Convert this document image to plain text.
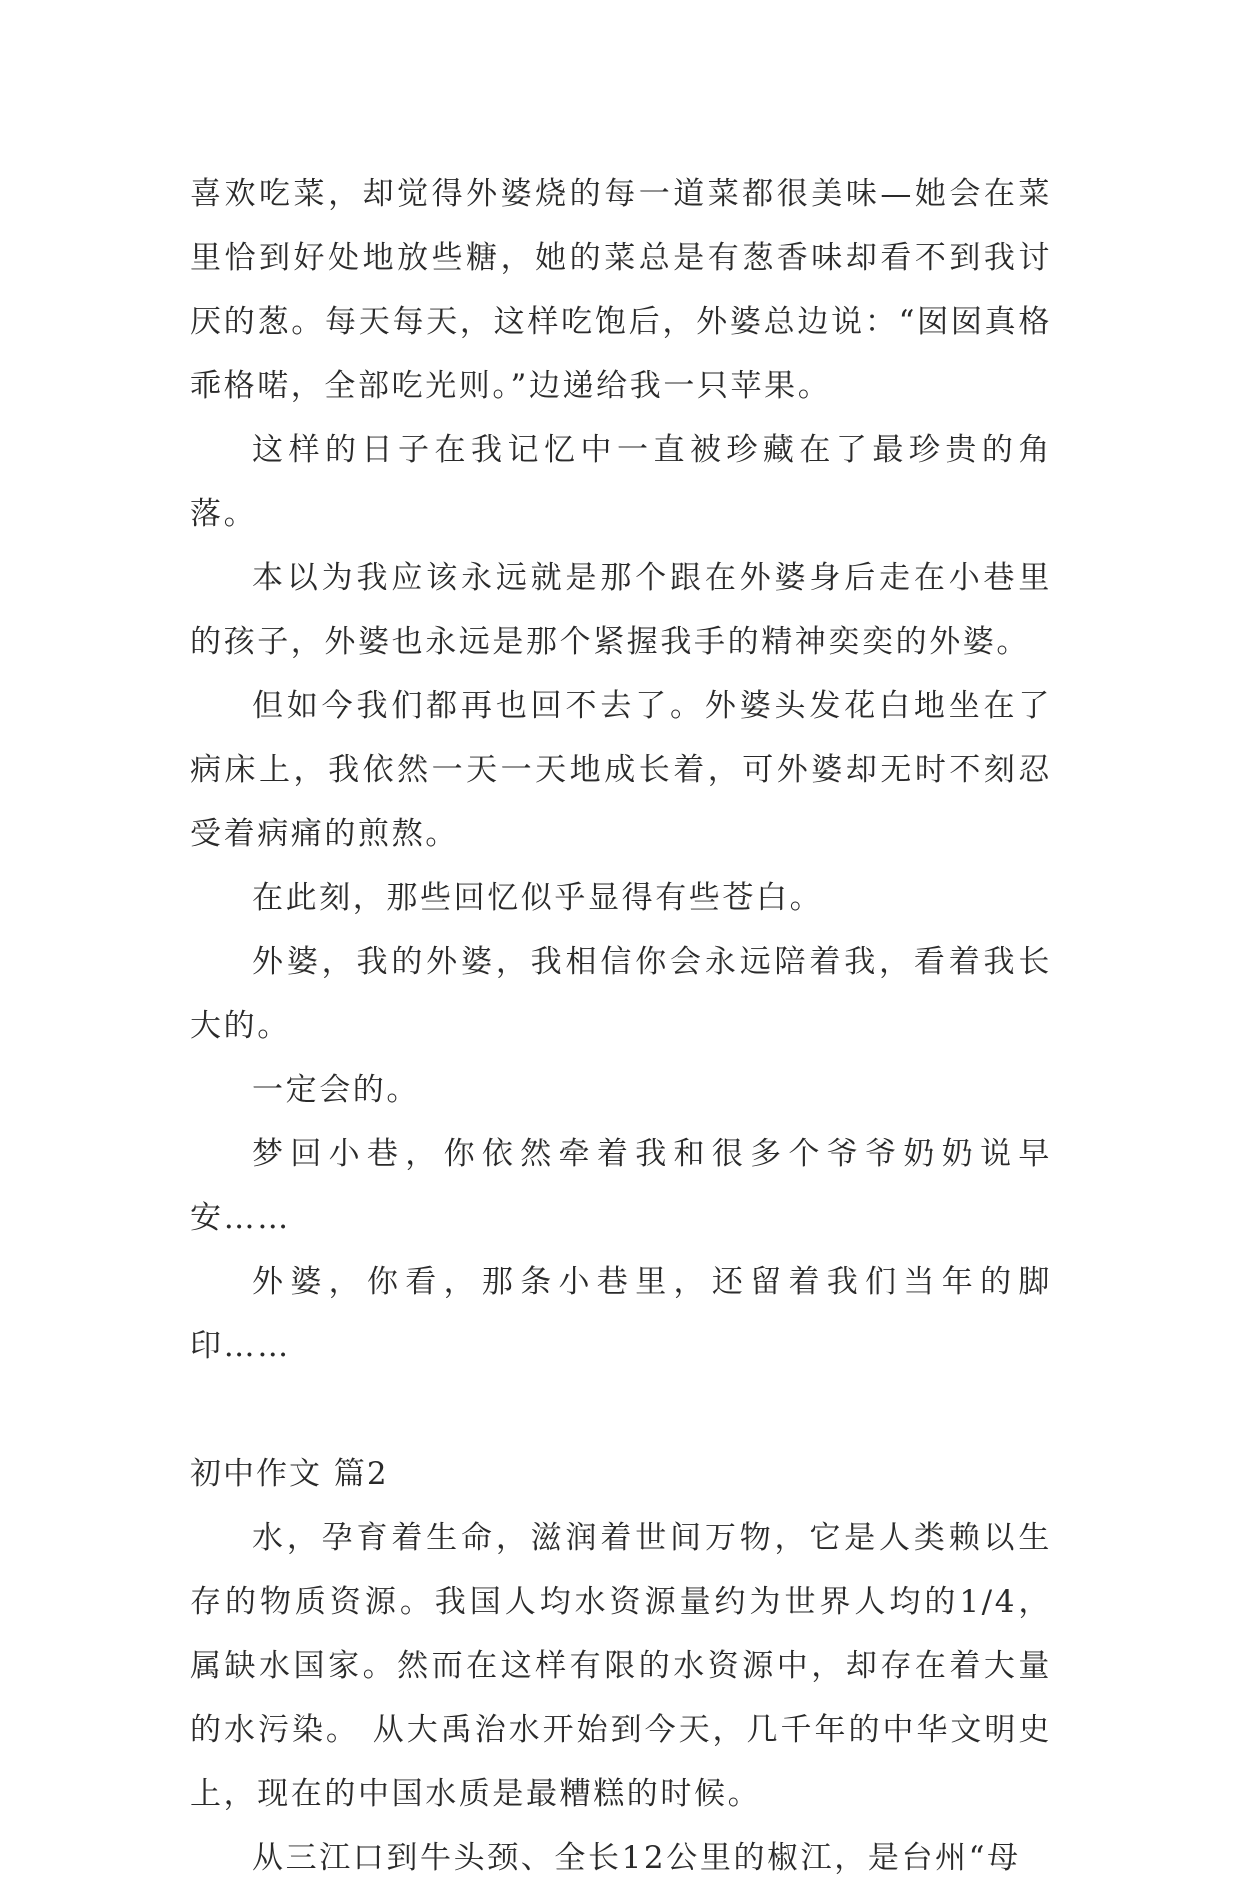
喜欢吃菜，却觉得外婆烧的每一道菜都很美味—她会在菜里恰到好处地放些糖，她的菜总是有葱香味却看不到我讨厌的葱。每天每天，这样吃饱后，外婆总边说：“囡囡真格乖格喏，全部吃光则。”边递给我一只苹果。

这样的日子在我记忆中一直被珍藏在了最珍贵的角落。

本以为我应该永远就是那个跟在外婆身后走在小巷里的孩子，外婆也永远是那个紧握我手的精神奕奕的外婆。

但如今我们都再也回不去了。外婆头发花白地坐在了病床上，我依然一天一天地成长着，可外婆却无时不刻忍受着病痛的煎熬。

在此刻，那些回忆似乎显得有些苍白。

外婆，我的外婆，我相信你会永远陪着我，看着我长大的。

一定会的。

梦回小巷，你依然牵着我和很多个爷爷奶奶说早安……

外婆，你看，那条小巷里，还留着我们当年的脚印……

初中作文 篇2

水，孕育着生命，滋润着世间万物，它是人类赖以生存的物质资源。我国人均水资源量约为世界人均的1/4，属缺水国家。然而在这样有限的水资源中，却存在着大量的水污染。 从大禹治水开始到今天，几千年的中华文明史上，现在的中国水质是最糟糕的时候。

从三江口到牛头颈、全长12公里的椒江，是台州“母
